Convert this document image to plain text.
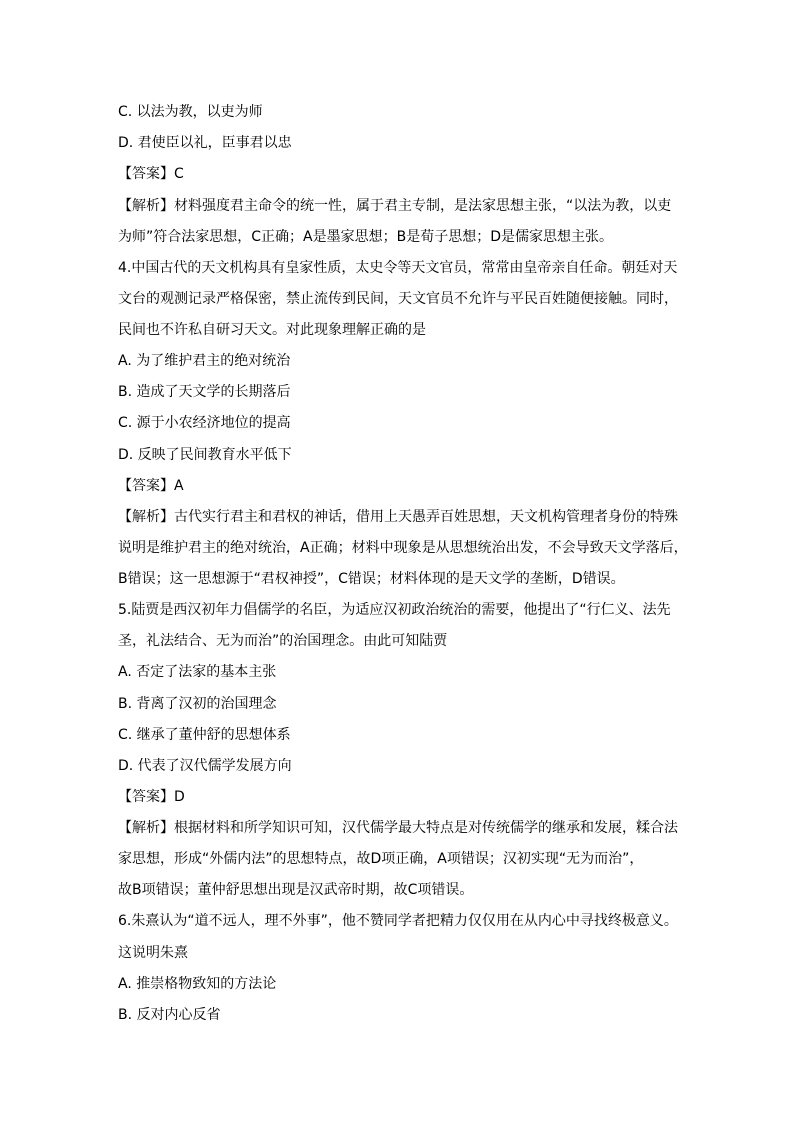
C. 以法为教，以吏为师
D. 君使臣以礼，臣事君以忠
【答案】C
【解析】材料强度君主命令的统一性，属于君主专制，是法家思想主张，“以法为教，以吏
为师”符合法家思想，C正确；A是墨家思想；B是荀子思想；D是儒家思想主张。
4.中国古代的天文机构具有皇家性质，太史令等天文官员，常常由皇帝亲自任命。朝廷对天
文台的观测记录严格保密，禁止流传到民间，天文官员不允许与平民百姓随便接触。同时，
民间也不许私自研习天文。对此现象理解正确的是
A. 为了维护君主的绝对统治
B. 造成了天文学的长期落后
C. 源于小农经济地位的提高
D. 反映了民间教育水平低下
【答案】A
【解析】古代实行君主和君权的神话，借用上天愚弄百姓思想，天文机构管理者身份的特殊
说明是维护君主的绝对统治，A正确；材料中现象是从思想统治出发，不会导致天文学落后，
B错误；这一思想源于“君权神授”，C错误；材料体现的是天文学的垄断，D错误。
5.陆贾是西汉初年力倡儒学的名臣，为适应汉初政治统治的需要，他提出了“行仁义、法先
圣，礼法结合、无为而治”的治国理念。由此可知陆贾
A. 否定了法家的基本主张
B. 背离了汉初的治国理念
C. 继承了董仲舒的思想体系
D. 代表了汉代儒学发展方向
【答案】D
【解析】根据材料和所学知识可知，汉代儒学最大特点是对传统儒学的继承和发展，糅合法
家思想，形成“外儒内法”的思想特点，故D项正确，A项错误；汉初实现“无为而治”，
故B项错误；董仲舒思想出现是汉武帝时期，故C项错误。
6.朱熹认为“道不远人，理不外事”，他不赞同学者把精力仅仅用在从内心中寻找终极意义。
这说明朱熹
A. 推崇格物致知的方法论
B. 反对内心反省
